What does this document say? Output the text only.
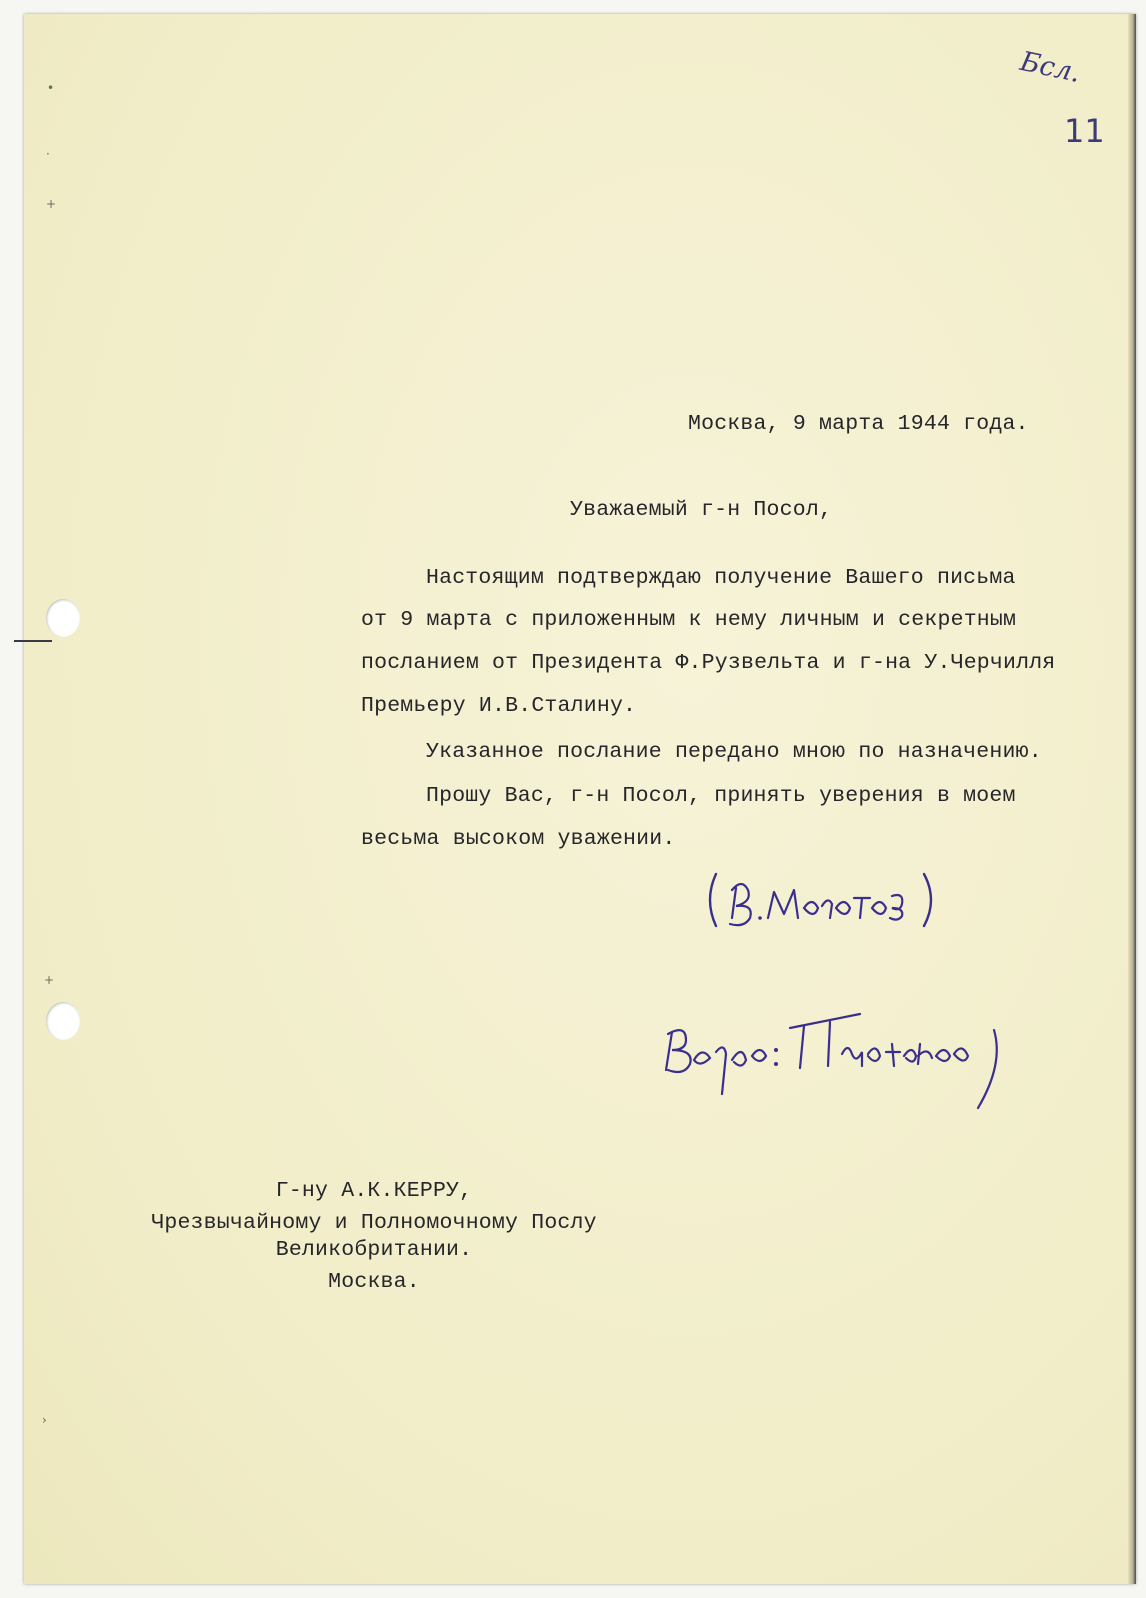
•
·
+
+
›
Бсл.
11
Москва, 9 марта 1944 года.
Уважаемый г-н Посол,
Настоящим подтверждаю получение Вашего письма
от 9 марта с приложенным к нему личным и секретным
посланием от Президента Ф.Рузвельта и г-на У.Черчилля
Премьеру И.В.Сталину.
Указанное послание передано мною по назначению.
Прошу Вас, г-н Посол, принять уверения в моем
весьма высоком уважении.
Г-ну А.К.КЕРРУ,
Чрезвычайному и Полномочному Послу
Великобритании.
Москва.
